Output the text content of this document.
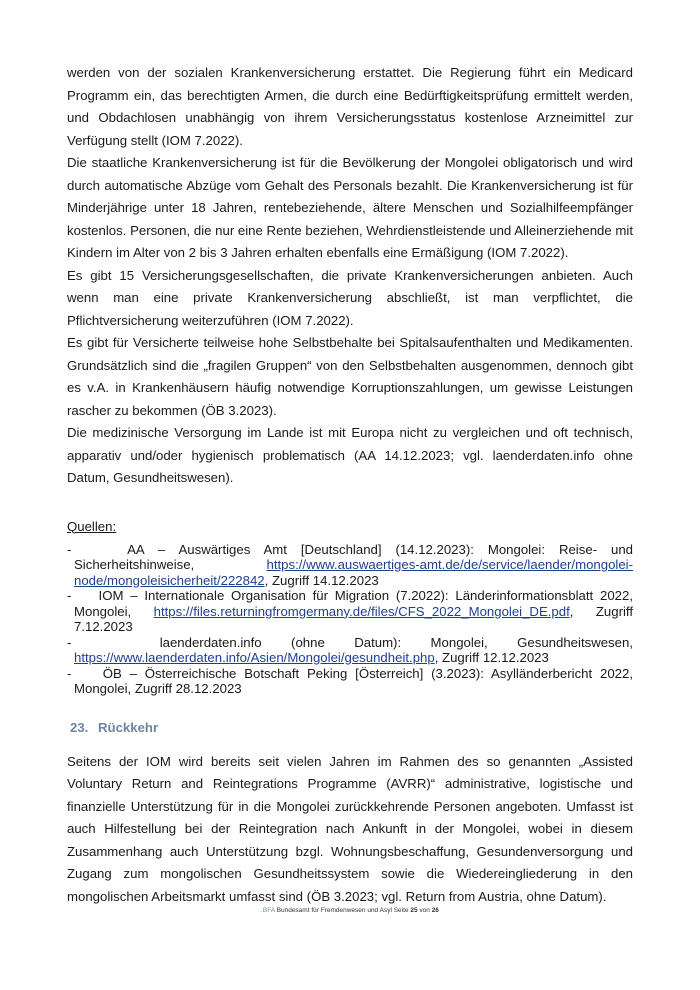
werden von der sozialen Krankenversicherung erstattet. Die Regierung führt ein Medicard Programm ein, das berechtigten Armen, die durch eine Bedürftigkeitsprüfung ermittelt werden, und Obdachlosen unabhängig von ihrem Versicherungsstatus kostenlose Arzneimittel zur Verfügung stellt (IOM 7.2022).

Die staatliche Krankenversicherung ist für die Bevölkerung der Mongolei obligatorisch und wird durch automatische Abzüge vom Gehalt des Personals bezahlt. Die Krankenversicherung ist für Minderjährige unter 18 Jahren, rentebeziehende, ältere Menschen und Sozialhilfeempfänger kostenlos. Personen, die nur eine Rente beziehen, Wehrdienstleistende und Alleinerziehende mit Kindern im Alter von 2 bis 3 Jahren erhalten ebenfalls eine Ermäßigung (IOM 7.2022).

Es gibt 15 Versicherungsgesellschaften, die private Krankenversicherungen anbieten. Auch wenn man eine private Krankenversicherung abschließt, ist man verpflichtet, die Pflichtversicherung weiterzuführen (IOM 7.2022).

Es gibt für Versicherte teilweise hohe Selbstbehalte bei Spitalsaufenthalten und Medikamenten. Grundsätzlich sind die „fragilen Gruppen“ von den Selbstbehalten ausgenommen, dennoch gibt es v.A. in Krankenhäusern häufig notwendige Korruptionszahlungen, um gewisse Leistungen rascher zu bekommen (ÖB 3.2023).

Die medizinische Versorgung im Lande ist mit Europa nicht zu vergleichen und oft technisch, apparativ und/oder hygienisch problematisch (AA 14.12.2023; vgl. laenderdaten.info ohne Datum, Gesundheitswesen).

Quellen:

-	AA – Auswärtiges Amt [Deutschland] (14.12.2023): Mongolei: Reise- und Sicherheitshinweise, https://www.auswaertiges-amt.de/de/service/laender/mongolei-node/mongoleisicherheit/222842, Zugriff 14.12.2023

- IOM – Internationale Organisation für Migration (7.2022): Länderinformationsblatt 2022, Mongolei, https://files.returningfromgermany.de/files/CFS_2022_Mongolei_DE.pdf, Zugriff 7.12.2023

-	laenderdaten.info (ohne Datum): Mongolei, Gesundheitswesen, https://www.laenderdaten.info/Asien/Mongolei/gesundheit.php, Zugriff 12.12.2023

- ÖB – Österreichische Botschaft Peking [Österreich] (3.2023): Asylländerbericht 2022, Mongolei, Zugriff 28.12.2023

23. Rückkehr

Seitens der IOM wird bereits seit vielen Jahren im Rahmen des so genannten „Assisted Voluntary Return and Reintegrations Programme (AVRR)“ administrative, logistische und finanzielle Unterstützung für in die Mongolei zurückkehrende Personen angeboten. Umfasst ist auch Hilfestellung bei der Reintegration nach Ankunft in der Mongolei, wobei in diesem Zusammenhang auch Unterstützung bzgl. Wohnungsbeschaffung, Gesundenversorgung und Zugang zum mongolischen Gesundheitssystem sowie die Wiedereingliederung in den mongolischen Arbeitsmarkt umfasst sind (ÖB 3.2023; vgl. Return from Austria, ohne Datum).

.BFA Bundesamt für Fremdenwesen und Asyl Seite 25 von 26
